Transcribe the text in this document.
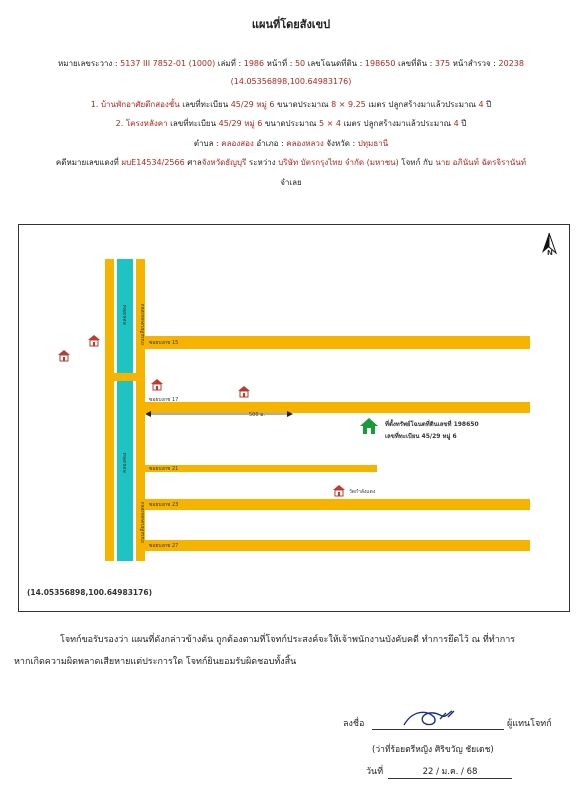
แผนที่โดยสังเขป
หมายเลขระวาง : 5137 III 7852-01 (1000) เล่มที่ : 1986 หน้าที่ : 50 เลขโฉนดที่ดิน : 198650 เลขที่ดิน : 375 หน้าสำรวจ : 20238
(14.05356898,100.64983176)
1. บ้านพักอาศัยตึกสองชั้น เลขที่ทะเบียน 45/29 หมู่ 6 ขนาดประมาณ 8 × 9.25 เมตร ปลูกสร้างมาแล้วประมาณ 4 ปี
2. โครงหลังคา เลขที่ทะเบียน 45/29 หมู่ 6 ขนาดประมาณ 5 × 4 เมตร ปลูกสร้างมาแล้วประมาณ 4 ปี
ตำบล : คลองสอง อำเภอ : คลองหลวง จังหวัด : ปทุมธานี
คดีหมายเลขแดงที่ ผบE14534/2566 ศาลจังหวัดธัญบุรี ระหว่าง บริษัท บัตรกรุงไทย จำกัด (มหาชน) โจทก์ กับ นาย อภินันท์ ฉัตรจิรานันท์
จำเลย
N
คลองสอง
คลองสอง
ถนนเลียบคลองสอง
ถนนเลียบคลองสอง
ซอยบงกช 15
ซอยบงกช 17
ซอยบงกช 21
ซอยบงกช 23
ซอยบงกช 27
500 ม.
วัดกำลังแดง
ที่ตั้งทรัพย์โฉนดที่ดินเลขที่ 198650
เลขที่ทะเบียน 45/29 หมู่ 6
(14.05356898,100.64983176)
โจทก์ขอรับรองว่า แผนที่ดังกล่าวข้างต้น ถูกต้องตามที่โจทก์ประสงค์จะให้เจ้าพนักงานบังคับคดี ทำการยึดไว้ ณ ที่ทำการ
หากเกิดความผิดพลาดเสียหายแต่ประการใด โจทก์ยินยอมรับผิดชอบทั้งสิ้น
ลงชื่อ	ผู้แทนโจทก์
(ว่าที่ร้อยตรีหญิง ศิริขวัญ ชัยเดช)
วันที่	22 / ม.ค. / 68
